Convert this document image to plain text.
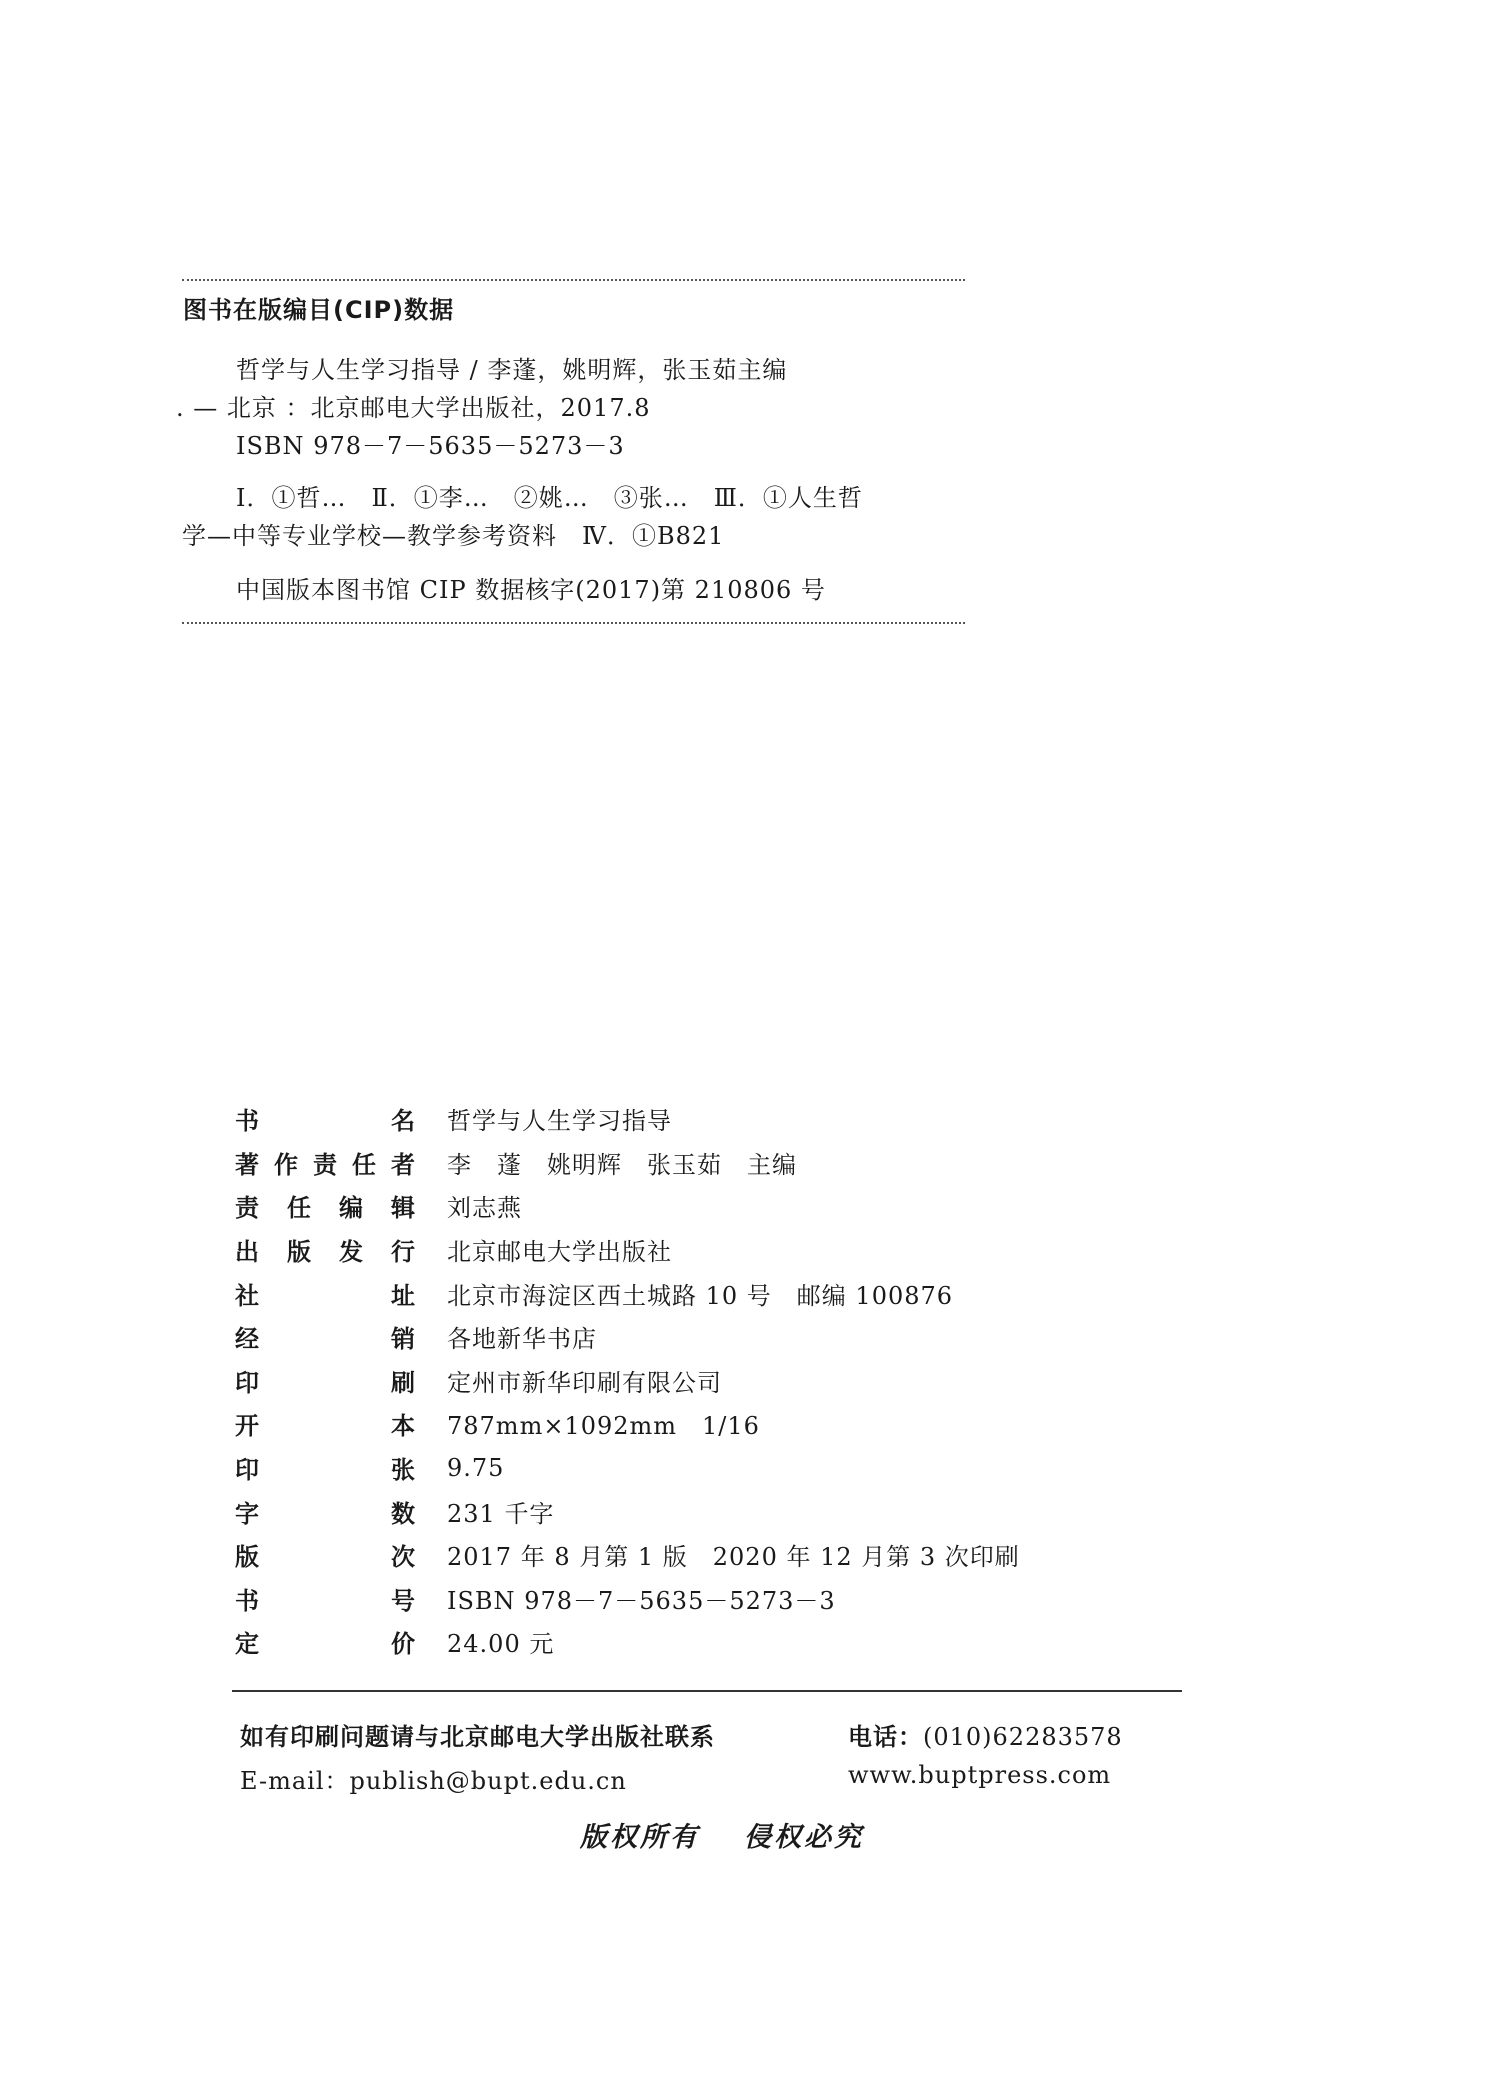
图书在版编目(CIP)数据
哲学与人生学习指导 / 李蓬，姚明辉，张玉茹主编
. — 北京 ：北京邮电大学出版社，2017.8
ISBN 978－7－5635－5273－3
Ⅰ．①哲…　Ⅱ．①李…　②姚…　③张…　Ⅲ．①人生哲
学—中等专业学校—教学参考资料　Ⅳ．①B821
中国版本图书馆 CIP 数据核字(2017)第 210806 号
书	名 哲学与人生学习指导
著 作 责 任 者 李　蓬　姚明辉　张玉茹　主编
责 任 编 辑 刘志燕
出 版 发 行 北京邮电大学出版社
社	址 北京市海淀区西土城路 10 号　邮编 100876
经	销 各地新华书店
印	刷 定州市新华印刷有限公司
开	本 787mm×1092mm　1/16
印	张 9.75
字	数 231 千字
版	次 2017 年 8 月第 1 版　2020 年 12 月第 3 次印刷
书	号 ISBN 978－7－5635－5273－3
定	价 24.00 元
如有印刷问题请与北京邮电大学出版社联系	电话：(010)62283578
E-mail：publish@bupt.edu.cn	www.buptpress.com
版权所有 侵权必究
